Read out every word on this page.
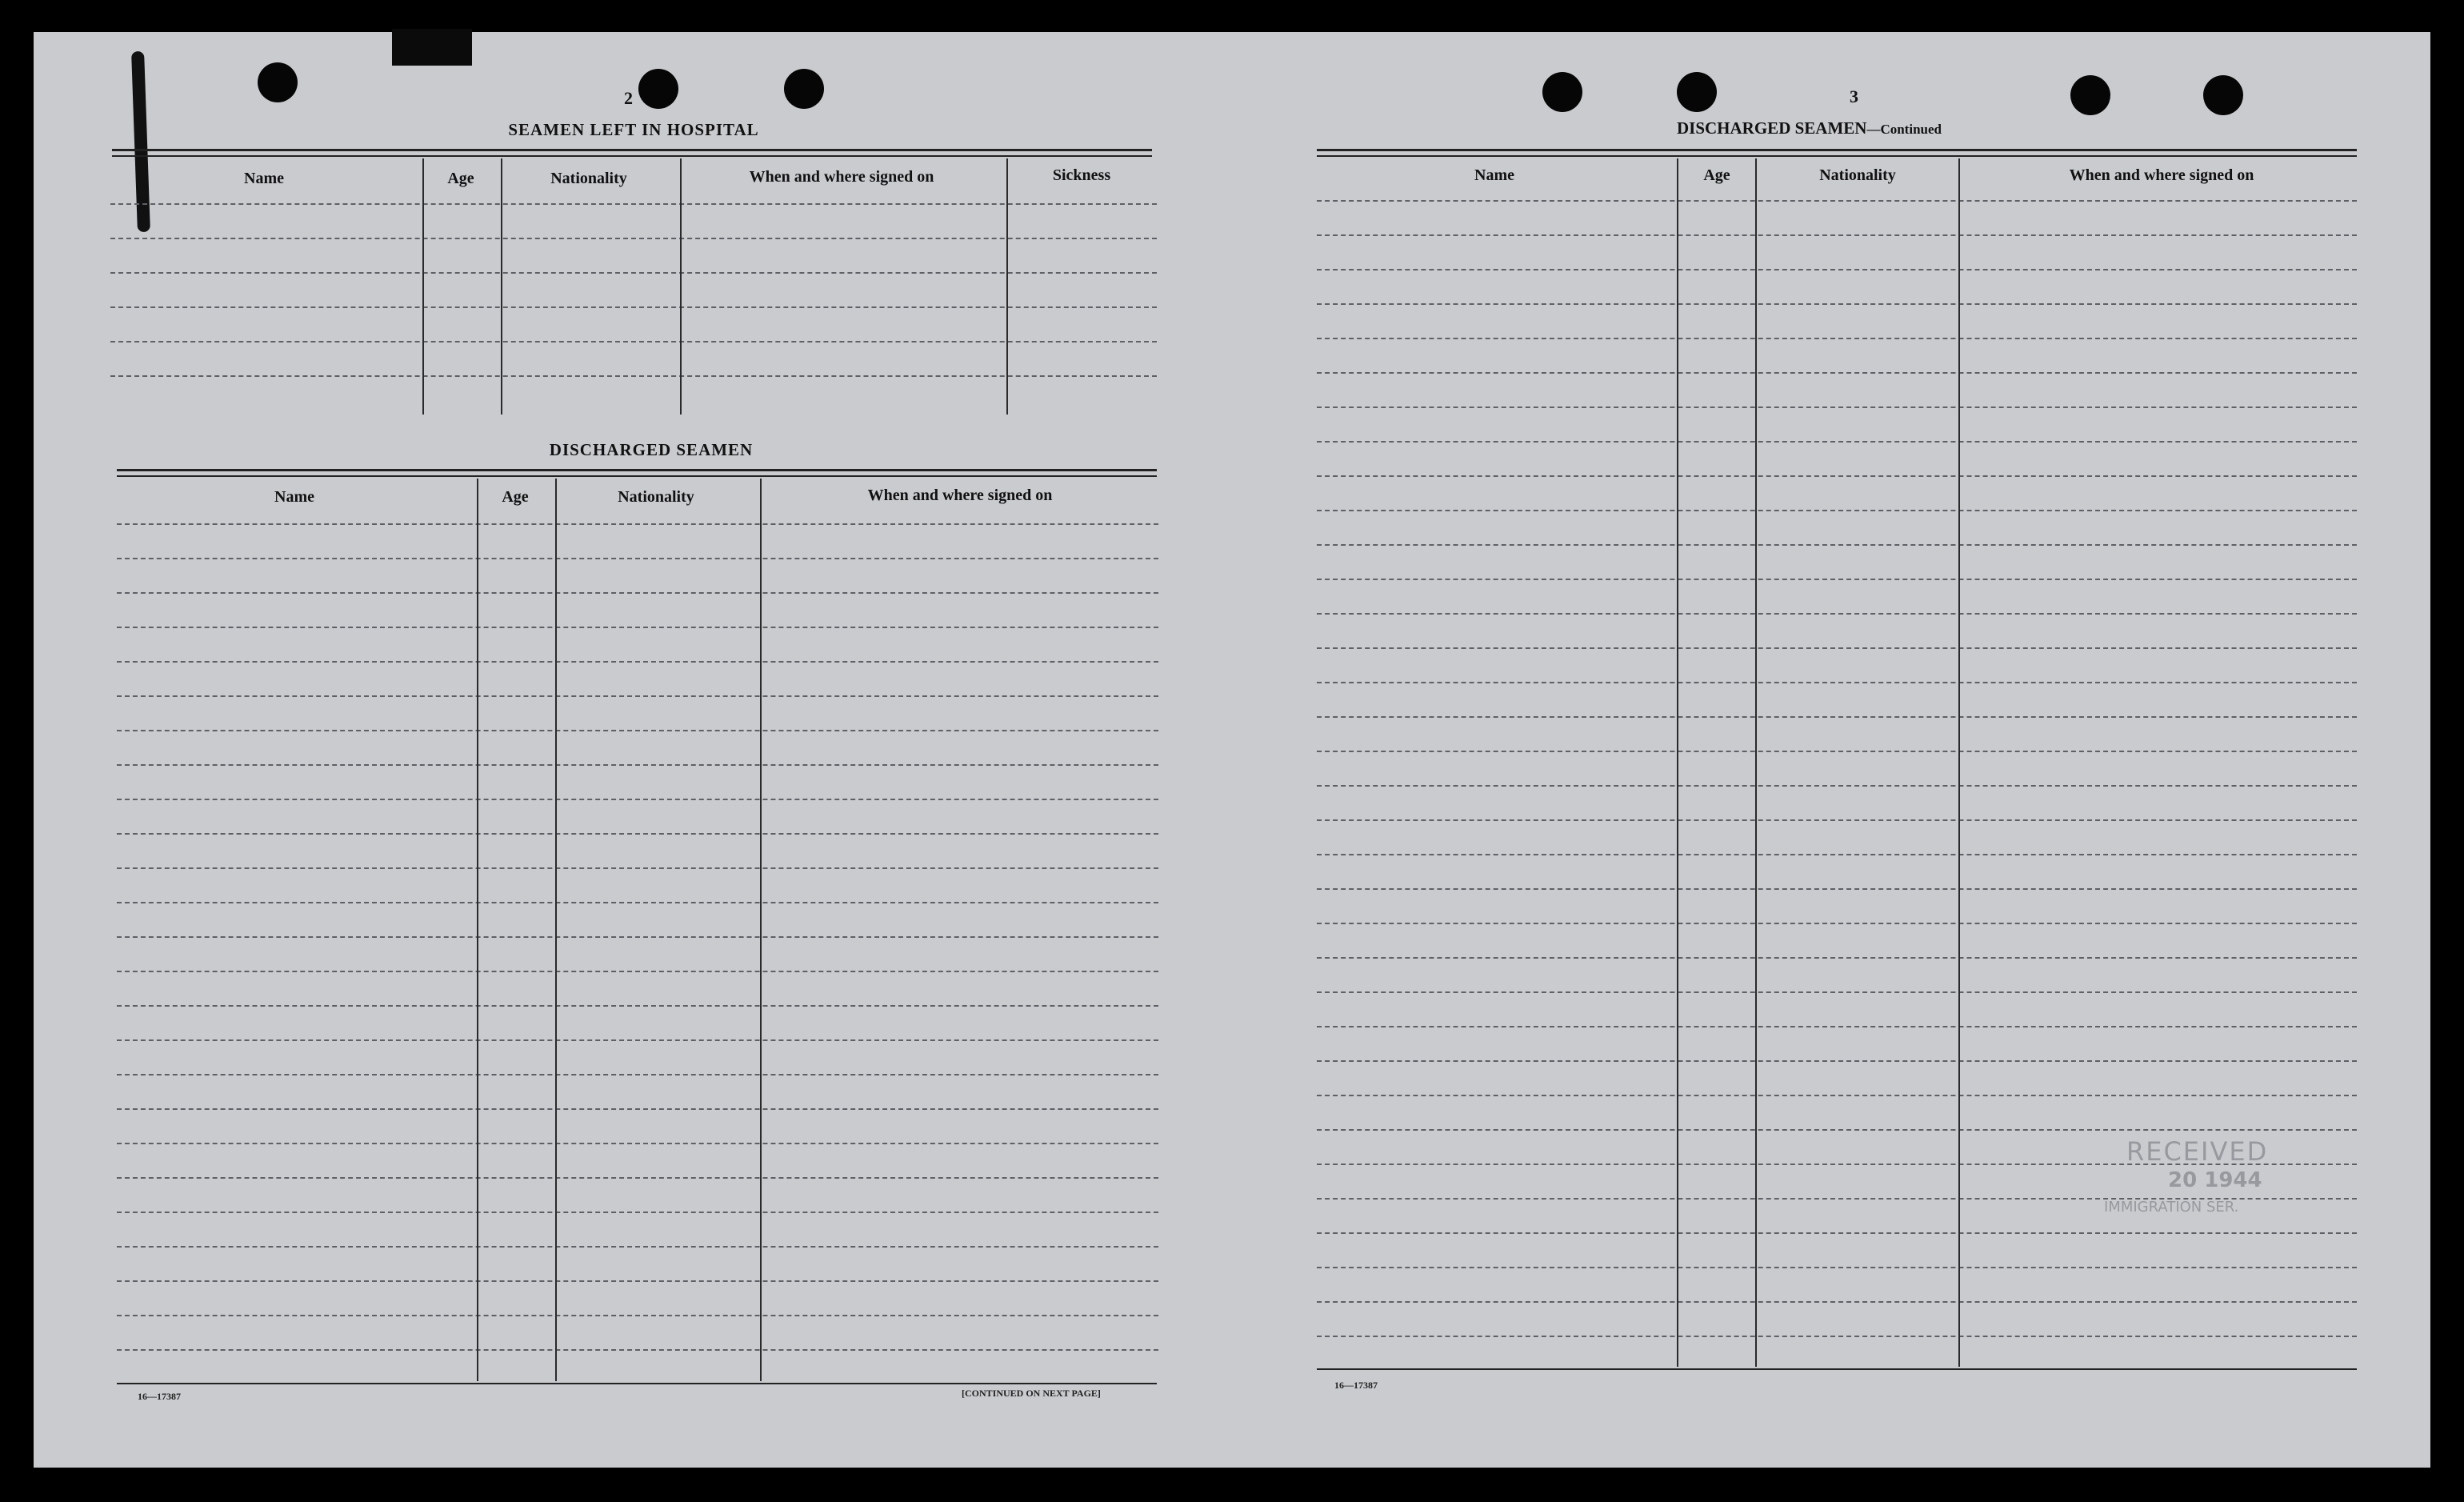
2
SEAMEN LEFT IN HOSPITAL
Name	Age	Nationality	When and where signed on	Sickness
DISCHARGED SEAMEN
Name	Age	Nationality	When and where signed on
16—17387	[CONTINUED ON NEXT PAGE]
3
DISCHARGED SEAMEN—Continued
Name	Age	Nationality	When and where signed on
16—17387
RECEIVED
20 1944
IMMIGRATION SER.
